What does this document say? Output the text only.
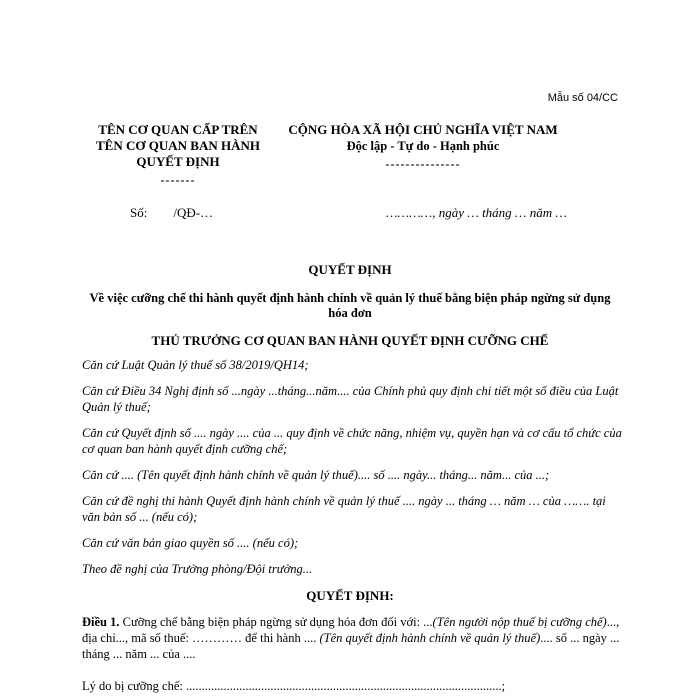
Mẫu số 04/CC
TÊN CƠ QUAN CẤP TRÊN
TÊN CƠ QUAN BAN HÀNH
QUYẾT ĐỊNH
-------
CỘNG HÒA XÃ HỘI CHỦ NGHĨA VIỆT NAM
Độc lập - Tự do - Hạnh phúc
---------------
Số: /QĐ-…	…………, ngày … tháng … năm …
QUYẾT ĐỊNH
Về việc cưỡng chế thi hành quyết định hành chính về quản lý thuế bằng biện pháp ngừng sử dụng hóa đơn
THỦ TRƯỞNG CƠ QUAN BAN HÀNH QUYẾT ĐỊNH CƯỠNG CHẾ

Căn cứ Luật Quản lý thuế số 38/2019/QH14;

Căn cứ Điều 34 Nghị định số ...ngày ...tháng...năm.... của Chính phủ quy định chi tiết một số điều của Luật Quản lý thuế;

Căn cứ Quyết định số .... ngày .... của ... quy định về chức năng, nhiệm vụ, quyền hạn và cơ cấu tổ chức của cơ quan ban hành quyết định cưỡng chế;

Căn cứ .... (Tên quyết định hành chính về quản lý thuế).... số .... ngày... tháng... năm... của ...;

Căn cứ đề nghị thi hành Quyết định hành chính về quản lý thuế .... ngày ... tháng … năm … của ……. tại văn bản số ... (nếu có);

Căn cứ văn bản giao quyền số .... (nếu có);

Theo đề nghị của Trưởng phòng/Đội trưởng...

QUYẾT ĐỊNH:
Điều 1. Cưỡng chế bằng biện pháp ngừng sử dụng hóa đơn đối với: ...(Tên người nộp thuế bị cưỡng chế)..., địa chỉ..., mã số thuế: ………… để thi hành .... (Tên quyết định hành chính về quản lý thuế).... số ... ngày ... tháng ... năm ... của ....
Lý do bị cưỡng chế: .....................................................................................................;
